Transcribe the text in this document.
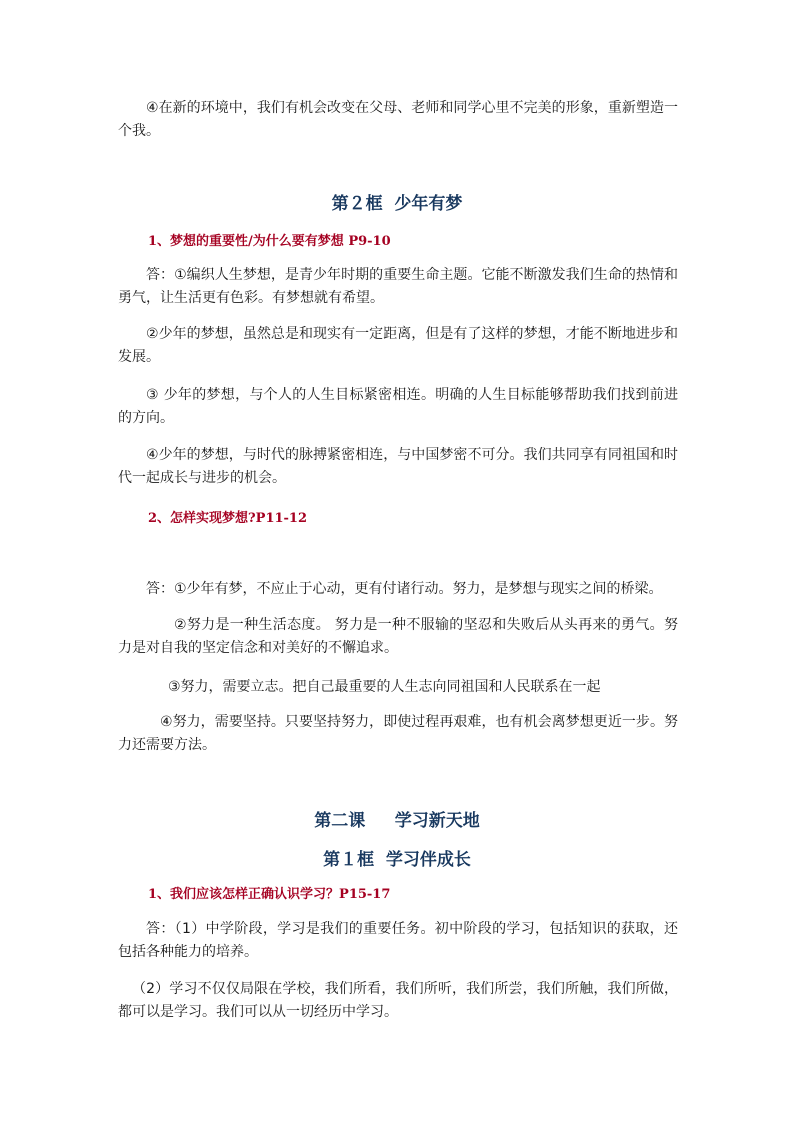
④在新的环境中，我们有机会改变在父母、老师和同学心里不完美的形象，重新塑造一个我。

第２框  少年有梦
1、梦想的重要性/为什么要有梦想 P9-10

答：①编织人生梦想，是青少年时期的重要生命主题。它能不断激发我们生命的热情和勇气，让生活更有色彩。有梦想就有希望。

②少年的梦想，虽然总是和现实有一定距离，但是有了这样的梦想，才能不断地进步和发展。

③ 少年的梦想，与个人的人生目标紧密相连。明确的人生目标能够帮助我们找到前进的方向。

④少年的梦想，与时代的脉搏紧密相连，与中国梦密不可分。我们共同享有同祖国和时代一起成长与进步的机会。

2、怎样实现梦想?P11-12

答：①少年有梦，不应止于心动，更有付诸行动。努力，是梦想与现实之间的桥梁。

②努力是一种生活态度。 努力是一种不服输的坚忍和失败后从头再来的勇气。努力是对自我的坚定信念和对美好的不懈追求。

③努力，需要立志。把自己最重要的人生志向同祖国和人民联系在一起

④努力，需要坚持。只要坚持努力，即使过程再艰难，也有机会离梦想更近一步。努力还需要方法。

第二课     学习新天地
第１框  学习伴成长
1、我们应该怎样正确认识学习？P15-17

答：（1）中学阶段，学习是我们的重要任务。初中阶段的学习，包括知识的获取，还包括各种能力的培养。

（2）学习不仅仅局限在学校，我们所看，我们所听，我们所尝，我们所触，我们所做，都可以是学习。我们可以从一切经历中学习。
